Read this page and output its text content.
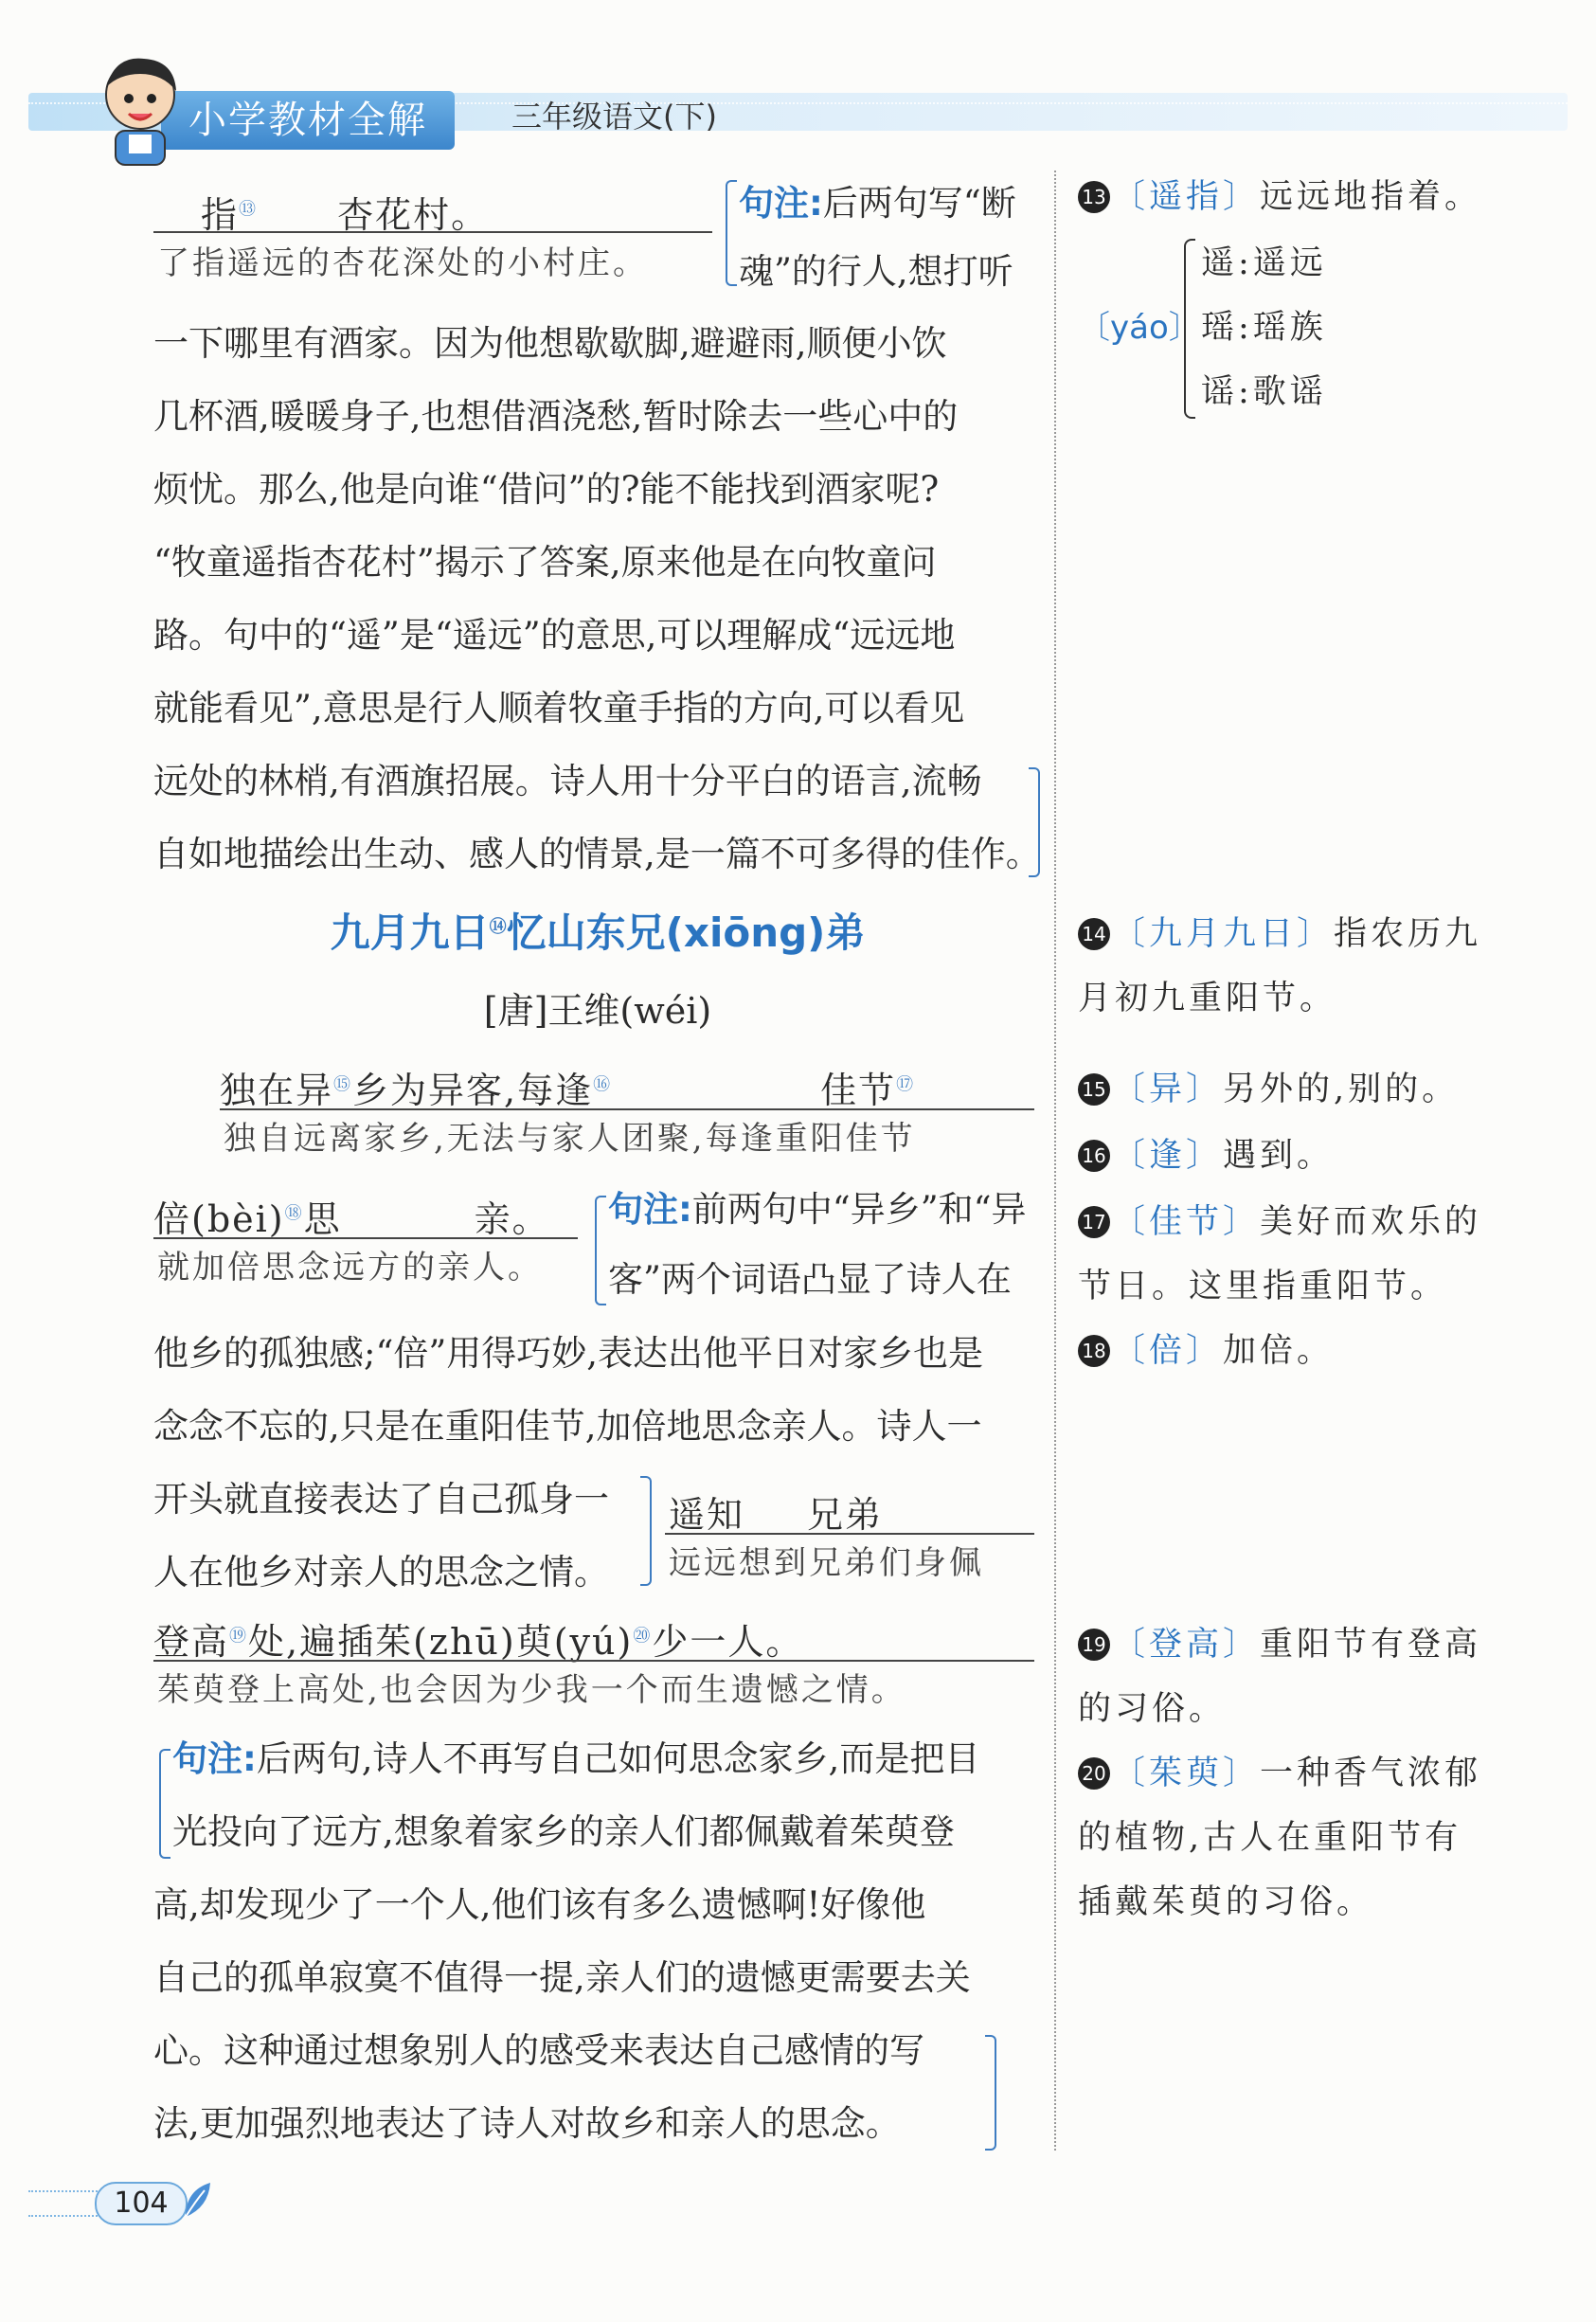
小学教材全解	三年级语文(下)
指⑬ 杏花村。
了指遥远的杏花深处的小村庄。
句注:后两句写“断
魂”的行人,想打听
一下哪里有酒家。因为他想歇歇脚,避避雨,顺便小饮
几杯酒,暖暖身子,也想借酒浇愁,暂时除去一些心中的
烦忧。那么,他是向谁“借问”的?能不能找到酒家呢?
“牧童遥指杏花村”揭示了答案,原来他是在向牧童问
路。句中的“遥”是“遥远”的意思,可以理解成“远远地
就能看见”,意思是行人顺着牧童手指的方向,可以看见
远处的林梢,有酒旗招展。诗人用十分平白的语言,流畅
自如地描绘出生动、感人的情景,是一篇不可多得的佳作。
九月九日⑭忆山东兄(xiōng)弟
[唐]王维(wéi)
独在异⑮乡为异客,每逢⑯	佳节⑰
独自远离家乡,无法与家人团聚,每逢重阳佳节
倍(bèi)⑱思	亲。
就加倍思念远方的亲人。
句注:前两句中“异乡”和“异
客”两个词语凸显了诗人在
他乡的孤独感;“倍”用得巧妙,表达出他平日对家乡也是
念念不忘的,只是在重阳佳节,加倍地思念亲人。诗人一
开头就直接表达了自己孤身一
人在他乡对亲人的思念之情。
遥知 兄弟
远远想到兄弟们身佩
登高⑲处,遍插茱(zhū)萸(yú)⑳少一人。
茱萸登上高处,也会因为少我一个而生遗憾之情。
句注:后两句,诗人不再写自己如何思念家乡,而是把目
光投向了远方,想象着家乡的亲人们都佩戴着茱萸登
高,却发现少了一个人,他们该有多么遗憾啊!好像他
自己的孤单寂寞不值得一提,亲人们的遗憾更需要去关
心。这种通过想象别人的感受来表达自己感情的写
法,更加强烈地表达了诗人对故乡和亲人的思念。
13 〔遥指〕远远地指着。
〔yáo〕
遥:遥远
瑶:瑶族
谣:歌谣
14 〔九月九日〕指农历九
月初九重阳节。
15 〔异〕另外的,别的。
16 〔逢〕遇到。
17 〔佳节〕美好而欢乐的
节日。这里指重阳节。
18 〔倍〕加倍。
19 〔登高〕重阳节有登高
的习俗。
20 〔茱萸〕一种香气浓郁
的植物,古人在重阳节有
插戴茱萸的习俗。
104
